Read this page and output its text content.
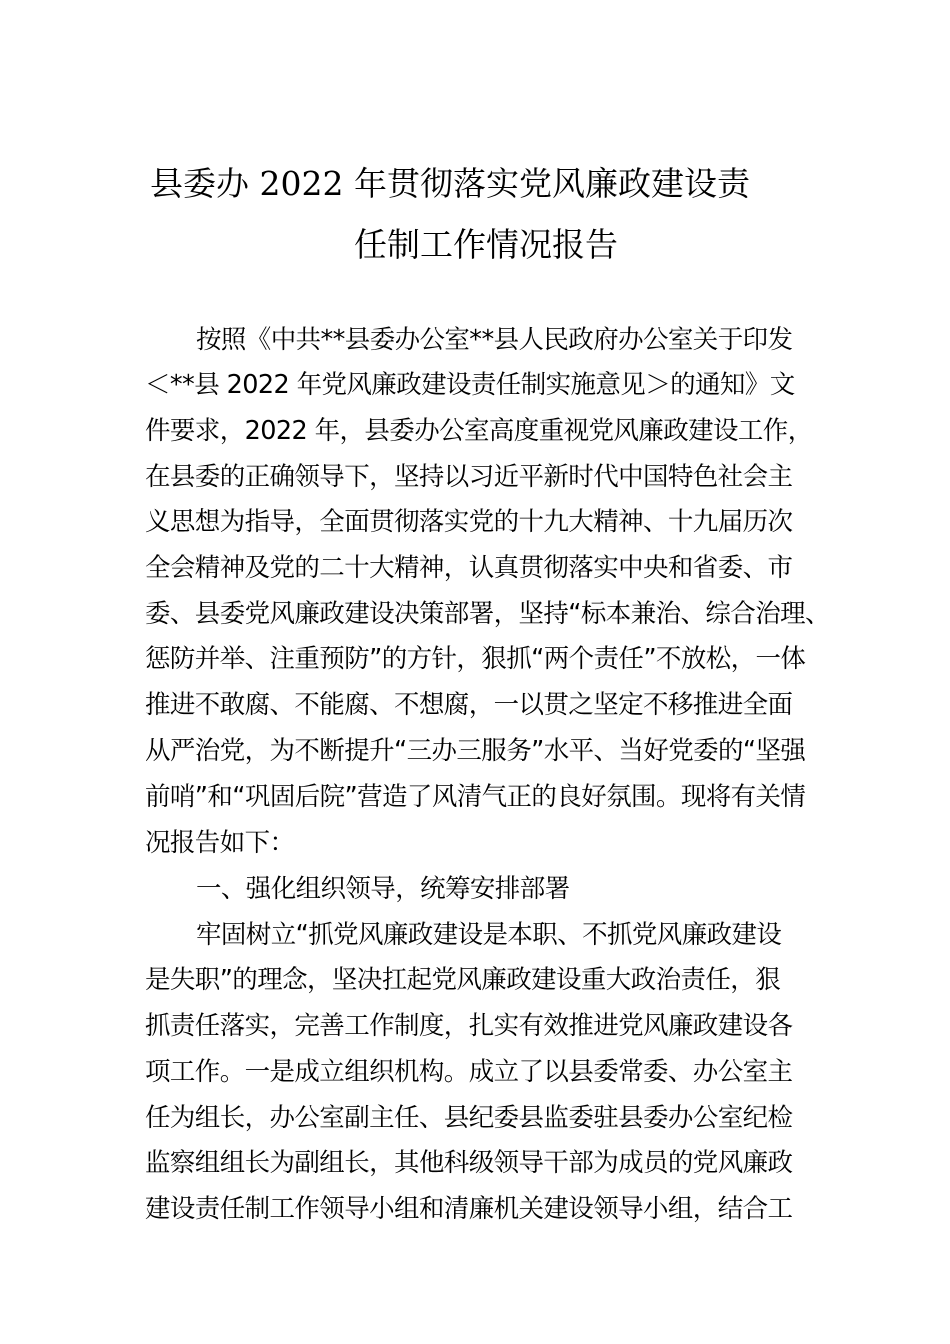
县委办 2022 年贯彻落实党风廉政建设责
任制工作情况报告
按照《中共**县委办公室**县人民政府办公室关于印发
＜**县 2022 年党风廉政建设责任制实施意见＞的通知》文
件要求，2022 年，县委办公室高度重视党风廉政建设工作，
在县委的正确领导下，坚持以习近平新时代中国特色社会主
义思想为指导，全面贯彻落实党的十九大精神、十九届历次
全会精神及党的二十大精神，认真贯彻落实中央和省委、市
委、县委党风廉政建设决策部署，坚持“标本兼治、综合治理、
惩防并举、注重预防”的方针，狠抓“两个责任”不放松，一体
推进不敢腐、不能腐、不想腐，一以贯之坚定不移推进全面
从严治党，为不断提升“三办三服务”水平、当好党委的“坚强
前哨”和“巩固后院”营造了风清气正的良好氛围。现将有关情
况报告如下：
一、强化组织领导，统筹安排部署
牢固树立“抓党风廉政建设是本职、不抓党风廉政建设
是失职”的理念，坚决扛起党风廉政建设重大政治责任，狠
抓责任落实，完善工作制度，扎实有效推进党风廉政建设各
项工作。一是成立组织机构。成立了以县委常委、办公室主
任为组长，办公室副主任、县纪委县监委驻县委办公室纪检
监察组组长为副组长，其他科级领导干部为成员的党风廉政
建设责任制工作领导小组和清廉机关建设领导小组，结合工
